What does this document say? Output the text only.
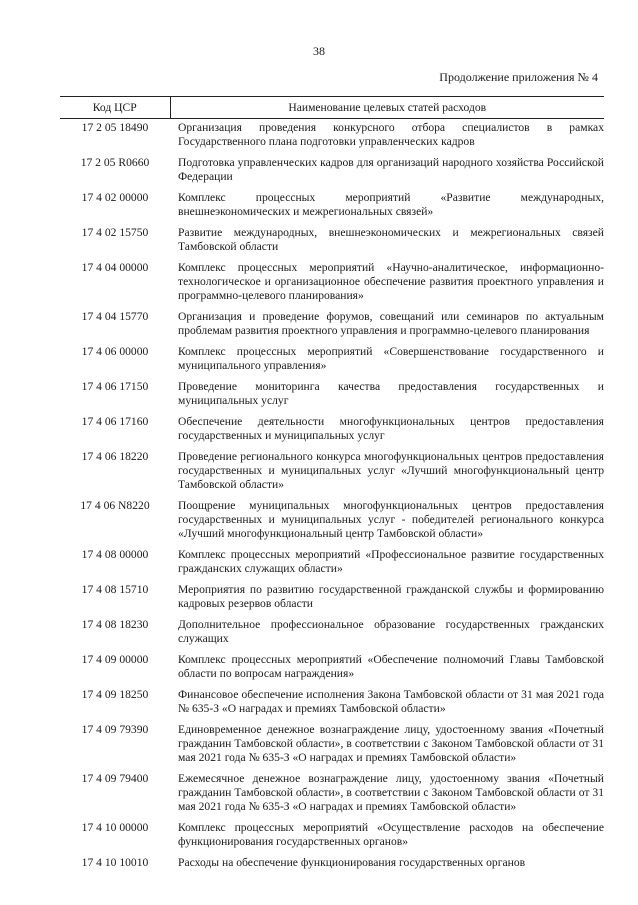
38
Продолжение приложения № 4
Код ЦСР	Наименование целевых статей расходов
17 2 05 18490	Организация проведения конкурсного отбора специалистов в рамках Государственного плана подготовки управленческих кадров
17 2 05 R0660	Подготовка управленческих кадров для организаций народного хозяйства Российской Федерации
17 4 02 00000	Комплекс процессных мероприятий «Развитие международных, внешнеэкономических и межрегиональных связей»
17 4 02 15750	Развитие международных, внешнеэкономических и межрегиональных связей Тамбовской области
17 4 04 00000	Комплекс процессных мероприятий «Научно-аналитическое, информационно-технологическое и организационное обеспечение развития проектного управления и программно-целевого планирования»
17 4 04 15770	Организация и проведение форумов, совещаний или семинаров по актуальным проблемам развития проектного управления и программно-целевого планирования
17 4 06 00000	Комплекс процессных мероприятий «Совершенствование государственного и муниципального управления»
17 4 06 17150	Проведение мониторинга качества предоставления государственных и муниципальных услуг
17 4 06 17160	Обеспечение деятельности многофункциональных центров предоставления государственных и муниципальных услуг
17 4 06 18220	Проведение регионального конкурса многофункциональных центров предоставления государственных и муниципальных услуг «Лучший многофункциональный центр Тамбовской области»
17 4 06 N8220	Поощрение муниципальных многофункциональных центров предоставления государственных и муниципальных услуг - победителей регионального конкурса «Лучший многофункциональный центр Тамбовской области»
17 4 08 00000	Комплекс процессных мероприятий «Профессиональное развитие государственных гражданских служащих области»
17 4 08 15710	Мероприятия по развитию государственной гражданской службы и формированию кадровых резервов области
17 4 08 18230	Дополнительное профессиональное образование государственных гражданских служащих
17 4 09 00000	Комплекс процессных мероприятий «Обеспечение полномочий Главы Тамбовской области по вопросам награждения»
17 4 09 18250	Финансовое обеспечение исполнения Закона Тамбовской области от 31 мая 2021 года № 635-З «О наградах и премиях Тамбовской области»
17 4 09 79390	Единовременное денежное вознаграждение лицу, удостоенному звания «Почетный гражданин Тамбовской области», в соответствии с Законом Тамбовской области от 31 мая 2021 года № 635-З «О наградах и премиях Тамбовской области»
17 4 09 79400	Ежемесячное денежное вознаграждение лицу, удостоенному звания «Почетный гражданин Тамбовской области», в соответствии с Законом Тамбовской области от 31 мая 2021 года № 635-З «О наградах и премиях Тамбовской области»
17 4 10 00000	Комплекс процессных мероприятий «Осуществление расходов на обеспечение функционирования государственных органов»
17 4 10 10010	Расходы на обеспечение функционирования государственных органов
